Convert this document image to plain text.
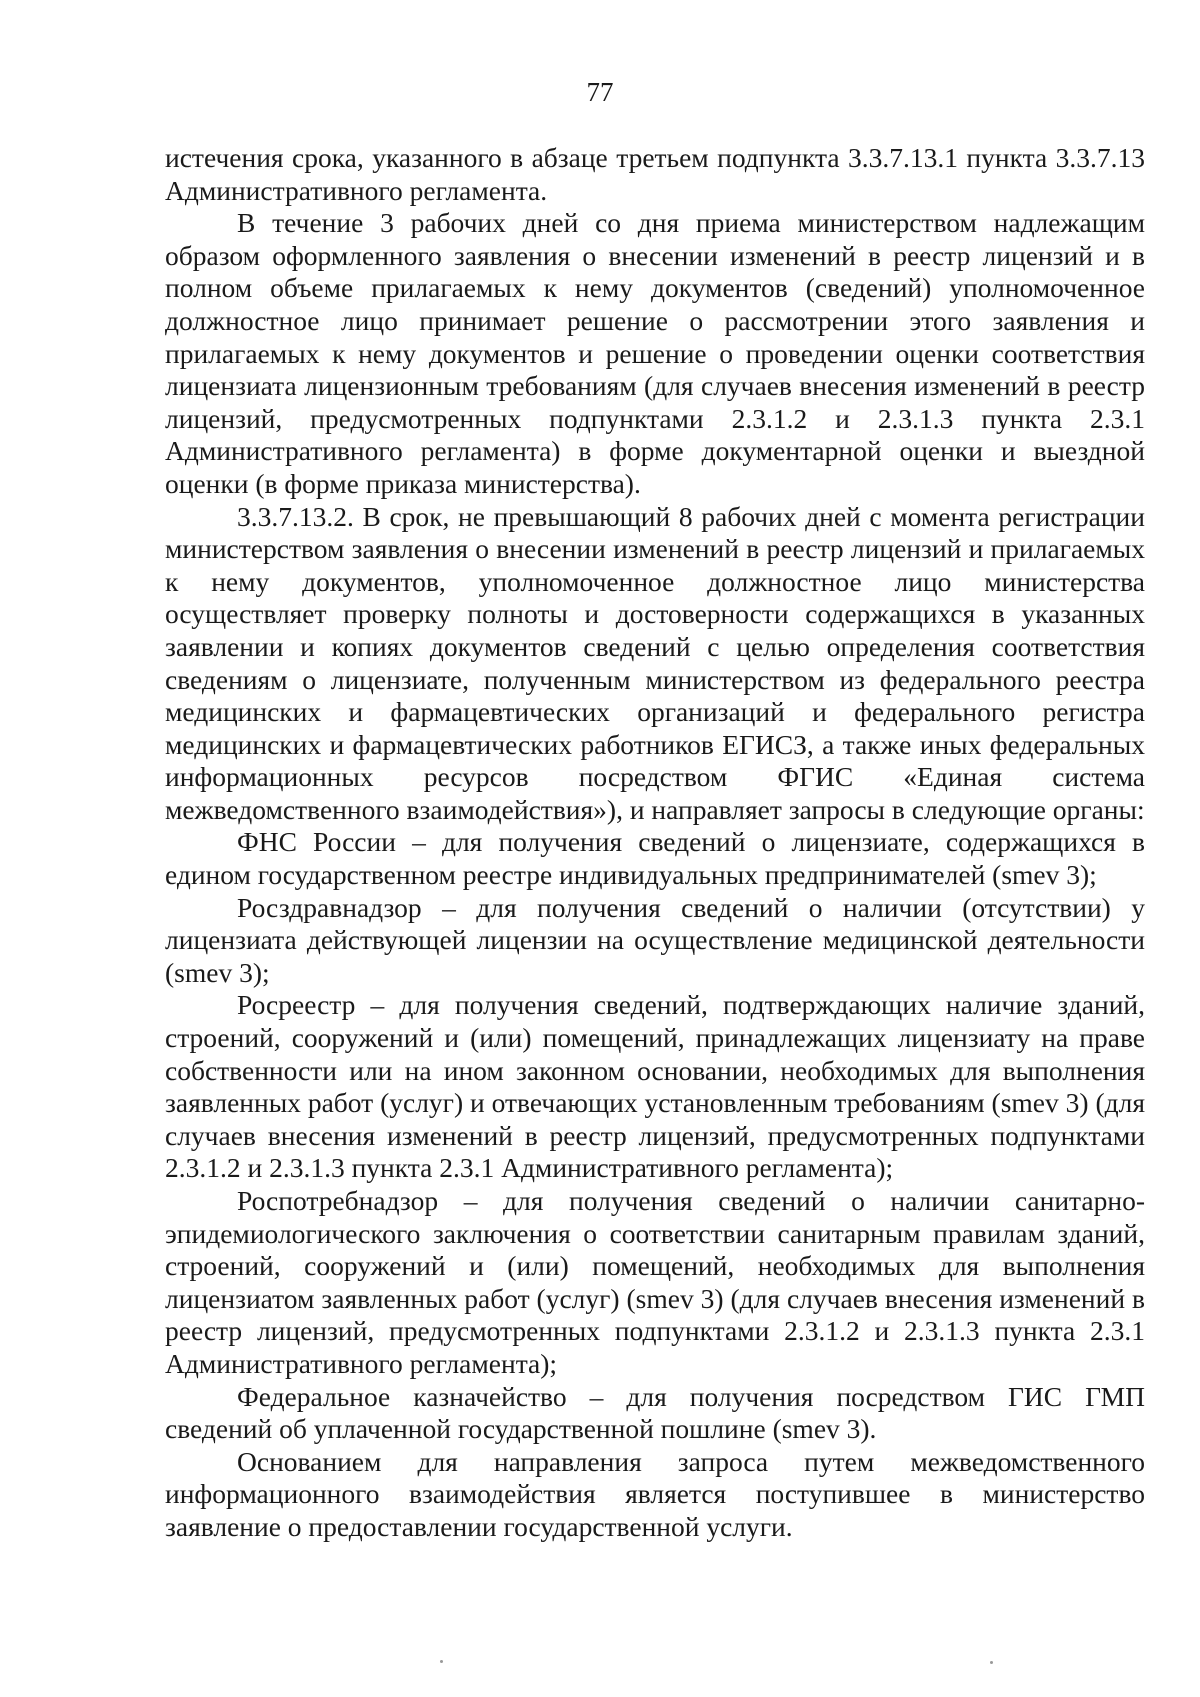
77

истечения срока, указанного в абзаце третьем подпункта 3.3.7.13.1 пункта 3.3.7.13 Административного регламента.

В течение 3 рабочих дней со дня приема министерством надлежащим образом оформленного заявления о внесении изменений в реестр лицензий и в полном объеме прилагаемых к нему документов (сведений) уполномоченное должностное лицо принимает решение о рассмотрении этого заявления и прилагаемых к нему документов и решение о проведении оценки соответствия лицензиата лицензионным требованиям (для случаев внесения изменений в реестр лицензий, предусмотренных подпунктами 2.3.1.2 и 2.3.1.3 пункта 2.3.1 Административного регламента) в форме документарной оценки и выездной оценки (в форме приказа министерства).

3.3.7.13.2. В срок, не превышающий 8 рабочих дней с момента регистрации министерством заявления о внесении изменений в реестр лицензий и прилагаемых к нему документов, уполномоченное должностное лицо министерства осуществляет проверку полноты и достоверности содержащихся в указанных заявлении и копиях документов сведений с целью определения соответствия сведениям о лицензиате, полученным министерством из федерального реестра медицинских и фармацевтических организаций и федерального регистра медицинских и фармацевтических работников ЕГИСЗ, а также иных федеральных информационных ресурсов посредством ФГИС «Единая система межведомственного взаимодействия»), и направляет запросы в следующие органы:

ФНС России – для получения сведений о лицензиате, содержащихся в едином государственном реестре индивидуальных предпринимателей (smev 3);

Росздравнадзор – для получения сведений о наличии (отсутствии) у лицензиата действующей лицензии на осуществление медицинской деятельности (smev 3);

Росреестр – для получения сведений, подтверждающих наличие зданий, строений, сооружений и (или) помещений, принадлежащих лицензиату на праве собственности или на ином законном основании, необходимых для выполнения заявленных работ (услуг) и отвечающих установленным требованиям (smev 3) (для случаев внесения изменений в реестр лицензий, предусмотренных подпунктами 2.3.1.2 и 2.3.1.3 пункта 2.3.1 Административного регламента);

Роспотребнадзор – для получения сведений о наличии санитарно-эпидемиологического заключения о соответствии санитарным правилам зданий, строений, сооружений и (или) помещений, необходимых для выполнения лицензиатом заявленных работ (услуг) (smev 3) (для случаев внесения изменений в реестр лицензий, предусмотренных подпунктами 2.3.1.2 и 2.3.1.3 пункта 2.3.1 Административного регламента);

Федеральное казначейство – для получения посредством ГИС ГМП сведений об уплаченной государственной пошлине (smev 3).

Основанием для направления запроса путем межведомственного информационного взаимодействия является поступившее в министерство заявление о предоставлении государственной услуги.
